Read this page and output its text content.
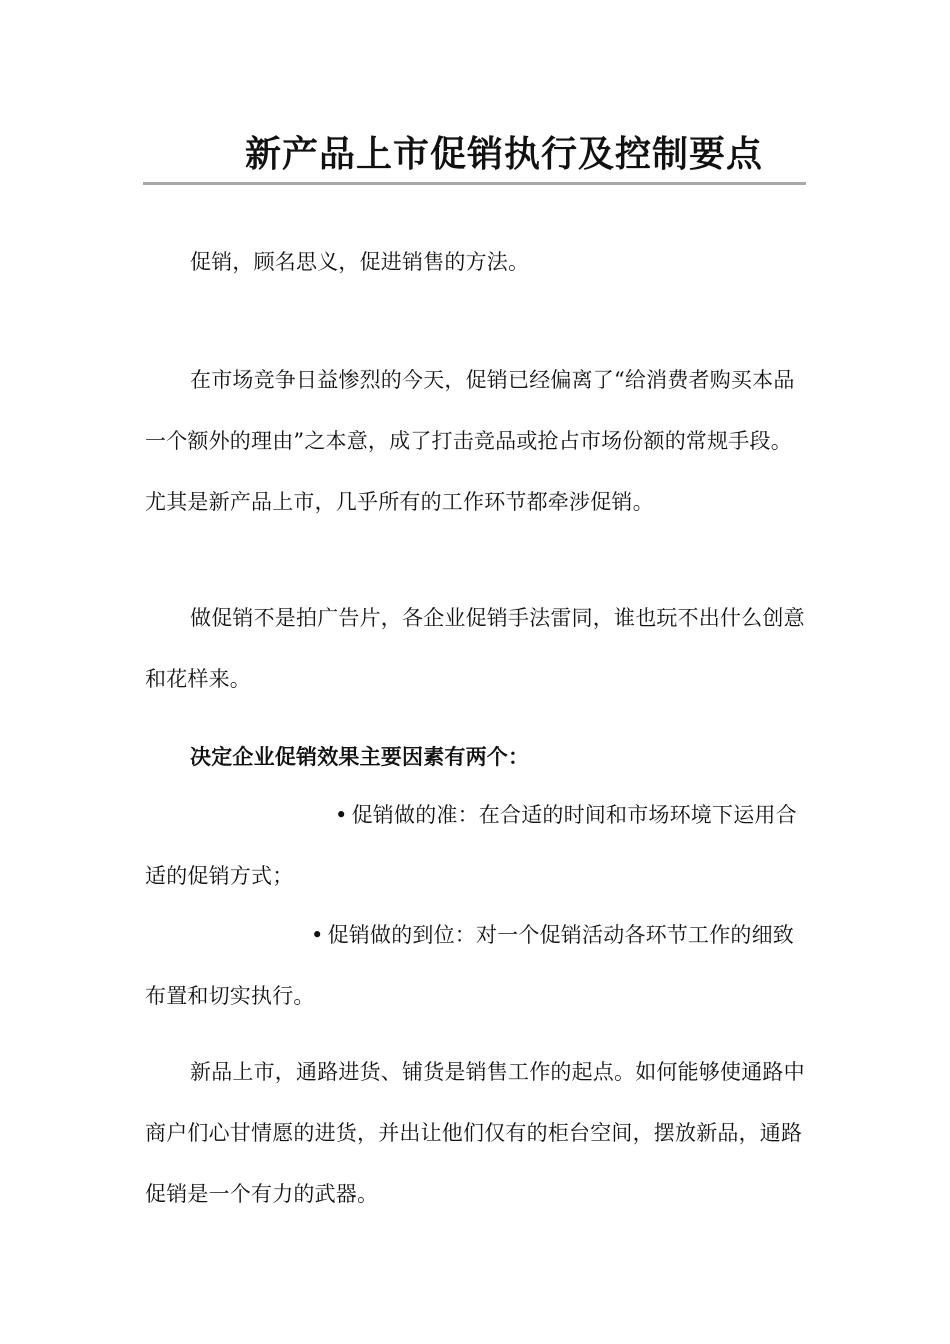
新产品上市促销执行及控制要点

促销，顾名思义，促进销售的方法。

在市场竞争日益惨烈的今天，促销已经偏离了“给消费者购买本品一个额外的理由”之本意，成了打击竞品或抢占市场份额的常规手段。尤其是新产品上市，几乎所有的工作环节都牵涉促销。

做促销不是拍广告片，各企业促销手法雷同，谁也玩不出什么创意和花样来。

决定企业促销效果主要因素有两个：

• 促销做的准：在合适的时间和市场环境下运用合适的促销方式；

• 促销做的到位：对一个促销活动各环节工作的细致布置和切实执行。

新品上市，通路进货、铺货是销售工作的起点。如何能够使通路中商户们心甘情愿的进货，并出让他们仅有的柜台空间，摆放新品，通路促销是一个有力的武器。
